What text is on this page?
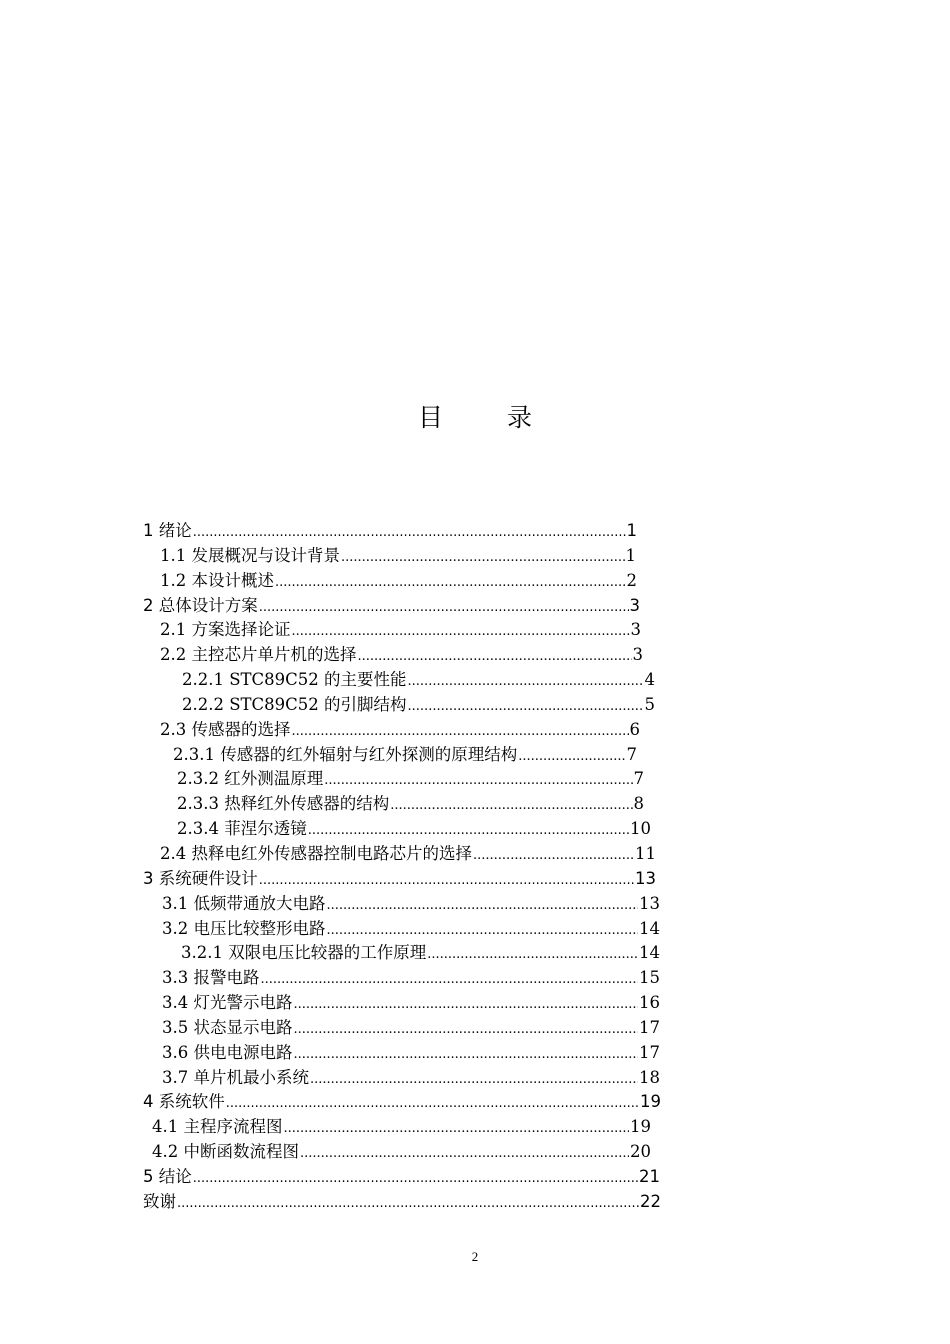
目 录
1 绪论 .....	1
1.1 发展概况与设计背景 .....	1
1.2 本设计概述 .....	2
2 总体设计方案 .....	3
2.1 方案选择论证 .....	3
2.2 主控芯片单片机的选择 .....	3
2.2.1 STC89C52 的主要性能 .....	4
2.2.2 STC89C52 的引脚结构 .....	5
2.3 传感器的选择 .....	6
2.3.1 传感器的红外辐射与红外探测的原理结构 .....	7
2.3.2 红外测温原理 .....	7
2.3.3 热释红外传感器的结构 .....	8
2.3.4 菲涅尔透镜 .....	10
2.4 热释电红外传感器控制电路芯片的选择 .....	11
3 系统硬件设计 .....	13
3.1 低频带通放大电路 .....	13
3.2 电压比较整形电路 .....	14
3.2.1 双限电压比较器的工作原理 .....	14
3.3 报警电路 .....	15
3.4 灯光警示电路 .....	16
3.5 状态显示电路 .....	17
3.6 供电电源电路 .....	17
3.7 单片机最小系统 .....	18
4 系统软件 .....	19
4.1 主程序流程图 .....	19
4.2 中断函数流程图 .....	20
5 结论 .....	21
致谢 .....	22
2
